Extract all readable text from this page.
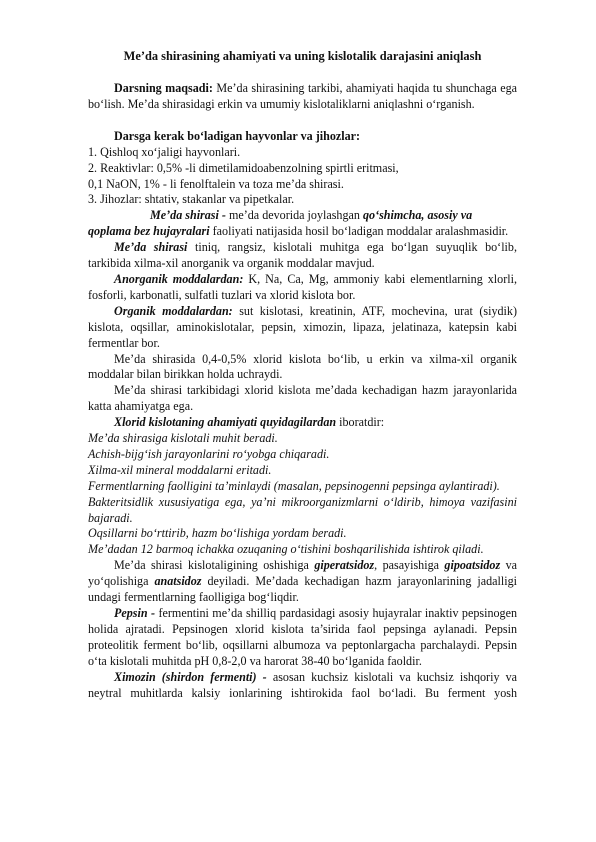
Me’da shirasining ahamiyati va uning kislotalik darajasini aniqlash

Darsning maqsadi: Me’da shirasining tarkibi, ahamiyati haqida tu shunchaga ega bo‘lish. Me’da shirasidagi erkin va umumiy kislotaliklarni aniqlashni o‘rganish.

Darsga kerak bo‘ladigan hayvonlar va jihozlar:

1. Qishloq xo‘jaligi hayvonlari.

2. Reaktivlar: 0,5% -li dimetilamidoabenzolning spirtli eritmasi,

0,1 NaON, 1% - li fenolftalein va toza me’da shirasi.

3. Jihozlar: shtativ, stakanlar va pipetkalar.

Me’da shirasi - me’da devorida joylashgan qo‘shimcha, asosiy va qoplama bez hujayralari faoliyati natijasida hosil bo‘ladigan moddalar aralashmasidir.

Me’da shirasi tiniq, rangsiz, kislotali muhitga ega bo‘lgan suyuqlik bo‘lib, tarkibida xilma-xil anorganik va organik moddalar mavjud.

Anorganik moddalardan: K, Na, Ca, Mg, ammoniy kabi elementlarning xlorli, fosforli, karbonatli, sulfatli tuzlari va xlorid kislota bor.

Organik moddalardan: sut kislotasi, kreatinin, ATF, mochevina, urat (siydik) kislota, oqsillar, aminokislotalar, pepsin, ximozin, lipaza, jelatinaza, katepsin kabi fermentlar bor.

Me’da shirasida 0,4-0,5% xlorid kislota bo‘lib, u erkin va xilma-xil organik moddalar bilan birikkan holda uchraydi.

Me’da shirasi tarkibidagi xlorid kislota me’dada kechadigan hazm jarayonlarida katta ahamiyatga ega.

Xlorid kislotaning ahamiyati quyidagilardan iboratdir:

Me’da shirasiga kislotali muhit beradi.

Achish-bijg‘ish jarayonlarini ro‘yobga chiqaradi.

Xilma-xil mineral moddalarni eritadi.

Fermentlarning faolligini ta’minlaydi (masalan, pepsinogenni pepsinga aylantiradi).

Bakteritsidlik xususiyatiga ega, ya’ni mikroorganizmlarni o‘ldirib, himoya vazifasini bajaradi.

Oqsillarni bo‘rttirib, hazm bo‘lishiga yordam beradi.

Me’dadan 12 barmoq ichakka ozuqaning o‘tishini boshqarilishida ishtirok qiladi.

Me’da shirasi kislotaligining oshishiga giperatsidoz, pasayishiga gipoatsidoz va yo‘qolishiga anatsidoz deyiladi. Me’dada kechadigan hazm jarayonlarining jadalligi undagi fermentlarning faolligiga bog‘liqdir.

Pepsin - fermentini me’da shilliq pardasidagi asosiy hujayralar inaktiv pepsinogen holida ajratadi. Pepsinogen xlorid kislota ta’sirida faol pepsinga aylanadi. Pepsin proteolitik ferment bo‘lib, oqsillarni albumoza va peptonlargacha parchalaydi. Pepsin o‘ta kislotali muhitda pH 0,8-2,0 va harorat 38-40 bo‘lganida faoldir.

Ximozin (shirdon fermenti) - asosan kuchsiz kislotali va kuchsiz ishqoriy va neytral muhitlarda kalsiy ionlarining ishtirokida faol bo‘ladi. Bu ferment yosh
